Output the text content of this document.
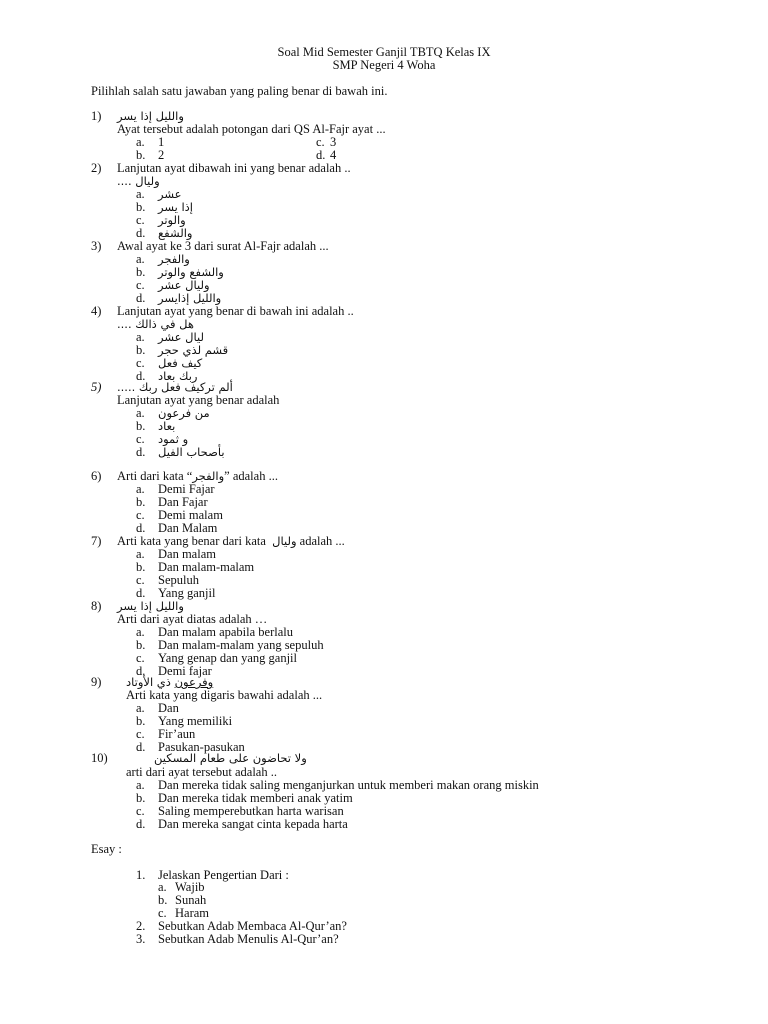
Soal Mid Semester Ganjil TBTQ Kelas IX
SMP Negeri 4 Woha
Pilihlah salah satu jawaban yang paling benar di bawah ini.
1) والليل إذا يسر
Ayat tersebut adalah potongan dari QS Al-Fajr ayat ...
a. 1
b. 2
c. 3
d. 4
2) Lanjutan ayat dibawah ini yang benar adalah ..
وليال ....
a. عشر
b. إذا يسر
c. والوتر
d. والشفع
3) Awal ayat ke 3 dari surat Al-Fajr adalah ...
a. والفجر
b. والشفع والوتر
c. وليال عشر
d. والليل إذايسر
4) Lanjutan ayat yang benar di bawah ini adalah ..
هل في ذالك ....
a. ليال عشر
b. قشم لذي حجر
c. كيف فعل
d. ربك بعاد
5) ألم تركيف فعل ربك .....
Lanjutan ayat yang benar adalah
a. من فرعون
b. بعاد
c. و ثمود
d. بأصحاب الفيل
6) Arti dari kata “والفجر” adalah ...
a. Demi Fajar
b. Dan Fajar
c. Demi malam
d. Dan Malam
7) Arti kata yang benar dari kata وليال adalah ...
a. Dan malam
b. Dan malam-malam
c. Sepuluh
d. Yang ganjil
8) والليل إذا يسر
Arti dari ayat diatas adalah …
a. Dan malam apabila berlalu
b. Dan malam-malam yang sepuluh
c. Yang genap dan yang ganjil
d. Demi fajar
9)	وفرعون ذي الأوتاد
Arti kata yang digaris bawahi adalah ...
a. Dan
b. Yang memiliki
c. Fir’aun
d. Pasukan-pasukan
10)	ولا تحاضون على طعام المسكين
arti dari ayat tersebut adalah ..
a. Dan mereka tidak saling menganjurkan untuk memberi makan orang miskin
b. Dan mereka tidak memberi anak yatim
c. Saling memperebutkan harta warisan
d. Dan mereka sangat cinta kepada harta
Esay :
1. Jelaskan Pengertian Dari :
a. Wajib
b. Sunah
c. Haram
2. Sebutkan Adab Membaca Al-Qur’an?
3. Sebutkan Adab Menulis Al-Qur’an?
